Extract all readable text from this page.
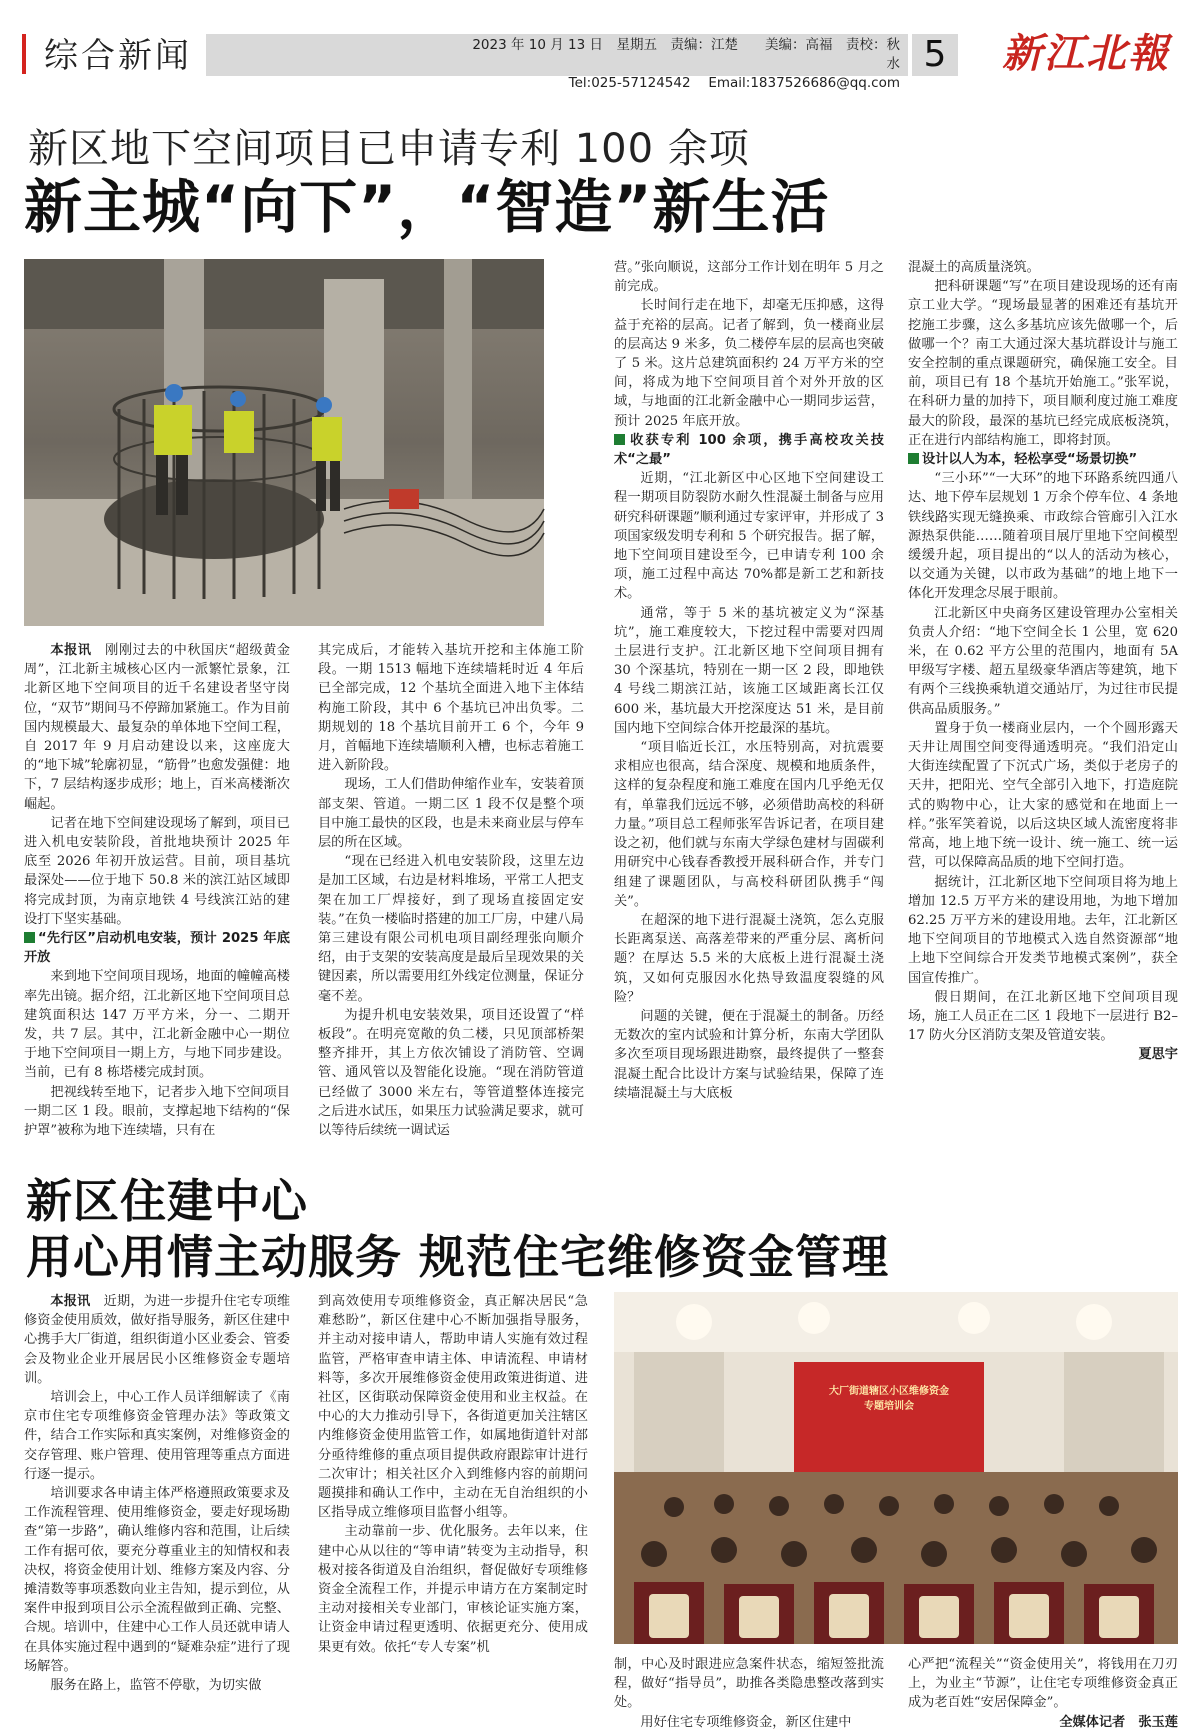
综合新闻	2023 年 10 月 13 日　星期五　责编：江楚　　美编：高福　责校：秋水
Tel:025-57124542　 Email:1837526686@qq.com
5 新江北報
新区地下空间项目已申请专利 100 余项
新主城“向下”，“智造”新生活

本报讯　刚刚过去的中秋国庆“超级黄金周”，江北新主城核心区内一派繁忙景象，江北新区地下空间项目的近千名建设者坚守岗位，“双节”期间马不停蹄加紧施工。作为目前国内规模最大、最复杂的单体地下空间工程，自 2017 年 9 月启动建设以来，这座庞大的“地下城”轮廓初显，“筋骨”也愈发强健：地下，7 层结构逐步成形；地上，百米高楼渐次崛起。

记者在地下空间建设现场了解到，项目已进入机电安装阶段，首批地块预计 2025 年底至 2026 年初开放运营。目前，项目基坑最深处——位于地下 50.8 米的滨江站区域即将完成封顶，为南京地铁 4 号线滨江站的建设打下坚实基础。

“先行区”启动机电安装，预计 2025 年底开放

来到地下空间项目现场，地面的幢幢高楼率先出镜。据介绍，江北新区地下空间项目总建筑面积达 147 万平方米，分一、二期开发，共 7 层。其中，江北新金融中心一期位于地下空间项目一期上方，与地下同步建设。当前，已有 8 栋塔楼完成封顶。

把视线转至地下，记者步入地下空间项目一期二区 1 段。眼前，支撑起地下结构的“保护罩”被称为地下连续墙，只有在

其完成后，才能转入基坑开挖和主体施工阶段。一期 1513 幅地下连续墙耗时近 4 年后已全部完成，12 个基坑全面进入地下主体结构施工阶段，其中 6 个基坑已冲出负零。二期规划的 18 个基坑目前开工 6 个，今年 9 月，首幅地下连续墙顺利入槽，也标志着施工进入新阶段。

现场，工人们借助伸缩作业车，安装着顶部支架、管道。一期二区 1 段不仅是整个项目中施工最快的区段，也是未来商业层与停车层的所在区域。

“现在已经进入机电安装阶段，这里左边是加工区域，右边是材料堆场，平常工人把支架在加工厂焊接好，到了现场直接固定安装。”在负一楼临时搭建的加工厂房，中建八局第三建设有限公司机电项目副经理张向顺介绍，由于支架的安装高度是最后呈现效果的关键因素，所以需要用红外线定位测量，保证分毫不差。

为提升机电安装效果，项目还设置了“样板段”。在明亮宽敞的负二楼，只见顶部桥架整齐排开，其上方依次铺设了消防管、空调管、通风管以及智能化设施。“现在消防管道已经做了 3000 米左右，等管道整体连接完之后进水试压，如果压力试验满足要求，就可以等待后续统一调试运

营。”张向顺说，这部分工作计划在明年 5 月之前完成。

长时间行走在地下，却毫无压抑感，这得益于充裕的层高。记者了解到，负一楼商业层的层高达 9 米多，负二楼停车层的层高也突破了 5 米。这片总建筑面积约 24 万平方米的空间，将成为地下空间项目首个对外开放的区域，与地面的江北新金融中心一期同步运营，预计 2025 年底开放。

收获专利 100 余项，携手高校攻关技术“之最”

近期，“江北新区中心区地下空间建设工程一期项目防裂防水耐久性混凝土制备与应用研究科研课题”顺利通过专家评审，并形成了 3 项国家级发明专利和 5 个研究报告。据了解，地下空间项目建设至今，已申请专利 100 余项，施工过程中高达 70%都是新工艺和新技术。

通常，等于 5 米的基坑被定义为“深基坑”，施工难度较大，下挖过程中需要对四周土层进行支护。江北新区地下空间项目拥有 30 个深基坑，特别在一期一区 2 段，即地铁 4 号线二期滨江站，该施工区域距离长江仅 600 米，基坑最大开挖深度达 51 米，是目前国内地下空间综合体开挖最深的基坑。

“项目临近长江，水压特别高，对抗震要求相应也很高，结合深度、规模和地质条件，这样的复杂程度和施工难度在国内几乎绝无仅有，单靠我们远远不够，必须借助高校的科研力量。”项目总工程师张军告诉记者，在项目建设之初，他们就与东南大学绿色建材与固碳利用研究中心钱春香教授开展科研合作，并专门组建了课题团队，与高校科研团队携手“闯关”。

在超深的地下进行混凝土浇筑，怎么克服长距离泵送、高落差带来的严重分层、离析问题？在厚达 5.5 米的大底板上进行混凝土浇筑，又如何克服因水化热导致温度裂缝的风险？

问题的关键，便在于混凝土的制备。历经无数次的室内试验和计算分析，东南大学团队多次至项目现场跟进勘察，最终提供了一整套混凝土配合比设计方案与试验结果，保障了连续墙混凝土与大底板

混凝土的高质量浇筑。

把科研课题“写”在项目建设现场的还有南京工业大学。“现场最显著的困难还有基坑开挖施工步骤，这么多基坑应该先做哪一个，后做哪一个？南工大通过深大基坑群设计与施工安全控制的重点课题研究，确保施工安全。目前，项目已有 18 个基坑开始施工。”张军说，在科研力量的加持下，项目顺利度过施工难度最大的阶段，最深的基坑已经完成底板浇筑，正在进行内部结构施工，即将封顶。

设计以人为本，轻松享受“场景切换”

“三小环”“一大环”的地下环路系统四通八达、地下停车层规划 1 万余个停车位、4 条地铁线路实现无缝换乘、市政综合管廊引入江水源热泵供能……随着项目展厅里地下空间模型缓缓升起，项目提出的“以人的活动为核心，以交通为关键，以市政为基础”的地上地下一体化开发理念尽展于眼前。

江北新区中央商务区建设管理办公室相关负责人介绍：“地下空间全长 1 公里，宽 620 米，在 0.62 平方公里的范围内，地面有 5A 甲级写字楼、超五星级豪华酒店等建筑，地下有两个三线换乘轨道交通站厅，为过往市民提供高品质服务。”

置身于负一楼商业层内，一个个圆形露天天井让周围空间变得通透明亮。“我们沿定山大街连续配置了下沉式广场，类似于老房子的天井，把阳光、空气全部引入地下，打造庭院式的购物中心，让大家的感觉和在地面上一样。”张军笑着说，以后这块区域人流密度将非常高，地上地下统一设计、统一施工、统一运营，可以保障高品质的地下空间打造。

据统计，江北新区地下空间项目将为地上增加 12.5 万平方米的建设用地，为地下增加 62.25 万平方米的建设用地。去年，江北新区地下空间项目的节地模式入选自然资源部“地上地下空间综合开发类节地模式案例”，获全国宣传推广。

假日期间，在江北新区地下空间项目现场，施工人员正在二区 1 段地下一层进行 B2–17 防火分区消防支架及管道安装。

夏思宇

新区住建中心
用心用情主动服务 规范住宅维修资金管理

本报讯　近期，为进一步提升住宅专项维修资金使用质效，做好指导服务，新区住建中心携手大厂街道，组织街道小区业委会、管委会及物业企业开展居民小区维修资金专题培训。

培训会上，中心工作人员详细解读了《南京市住宅专项维修资金管理办法》等政策文件，结合工作实际和真实案例，对维修资金的交存管理、账户管理、使用管理等重点方面进行逐一提示。

培训要求各申请主体严格遵照政策要求及工作流程管理、使用维修资金，要走好现场勘查“第一步路”，确认维修内容和范围，让后续工作有据可依，要充分尊重业主的知情权和表决权，将资金使用计划、维修方案及内容、分摊清数等事项悉数向业主告知，提示到位，从案件申报到项目公示全流程做到正确、完整、合规。培训中，住建中心工作人员还就申请人在具体实施过程中遇到的“疑难杂症”进行了现场解答。

服务在路上，监管不停歇，为切实做

到高效使用专项维修资金，真正解决居民“急难愁盼”，新区住建中心不断加强指导服务，并主动对接申请人，帮助申请人实施有效过程监管，严格审查申请主体、申请流程、申请材料等，多次开展维修资金使用政策进街道、进社区，区街联动保障资金使用和业主权益。在中心的大力推动引导下，各街道更加关注辖区内维修资金使用监管工作，如属地街道针对部分亟待维修的重点项目提供政府跟踪审计进行二次审计；相关社区介入到维修内容的前期问题摸排和确认工作中，主动在无自治组织的小区指导成立维修项目监督小组等。

主动靠前一步、优化服务。去年以来，住建中心从以往的“等申请”转变为主动指导，积极对接各街道及自治组织，督促做好专项维修资金全流程工作，并提示申请方在方案制定时主动对接相关专业部门，审核论证实施方案，让资金申请过程更透明、依据更充分、使用成果更有效。依托“专人专案”机

大厂街道辖区小区维修资金
专题培训会

制，中心及时跟进应急案件状态，缩短签批流程，做好“指导员”，助推各类隐患整改落到实处。

用好住宅专项维修资金，新区住建中

心严把“流程关”“资金使用关”，将钱用在刀刃上，为业主“节源”，让住宅专项维修资金真正成为老百姓“安居保障金”。

全媒体记者　张玉莲
